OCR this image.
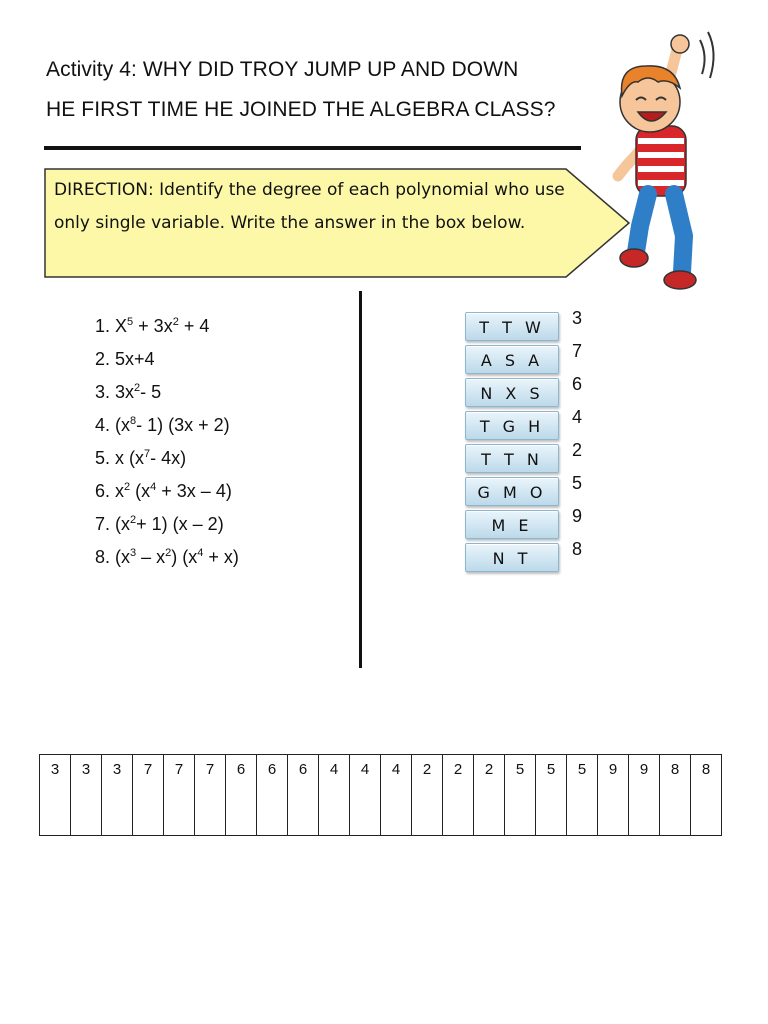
Activity 4: WHY DID TROY JUMP UP AND DOWN
HE FIRST TIME HE JOINED THE ALGEBRA CLASS?
DIRECTION: Identify the degree of each polynomial who use only single variable. Write the answer in the box below.
1. $X^5 + 3x^2 + 4$
2. 5x+4
3. $3x^2-$ 5
4. ($x^8-$ 1) (3x + 2)
5. x ($x^7-$ 4x)
6. $x^2$ $(x^4 + 3x - 4)$
7. $(x^2+ 1)$ (x – 2)
8. $(x^3 - x^2) (x^4 + x)$
T T W	3
A S A	7
N X S	6
T G H	4
T T N	2
G M O	5
M E	9
N T	8
3	3	3	7	7	7	6	6	6	4	4	4	2	2	2	5	5	5	9	9	8	8
